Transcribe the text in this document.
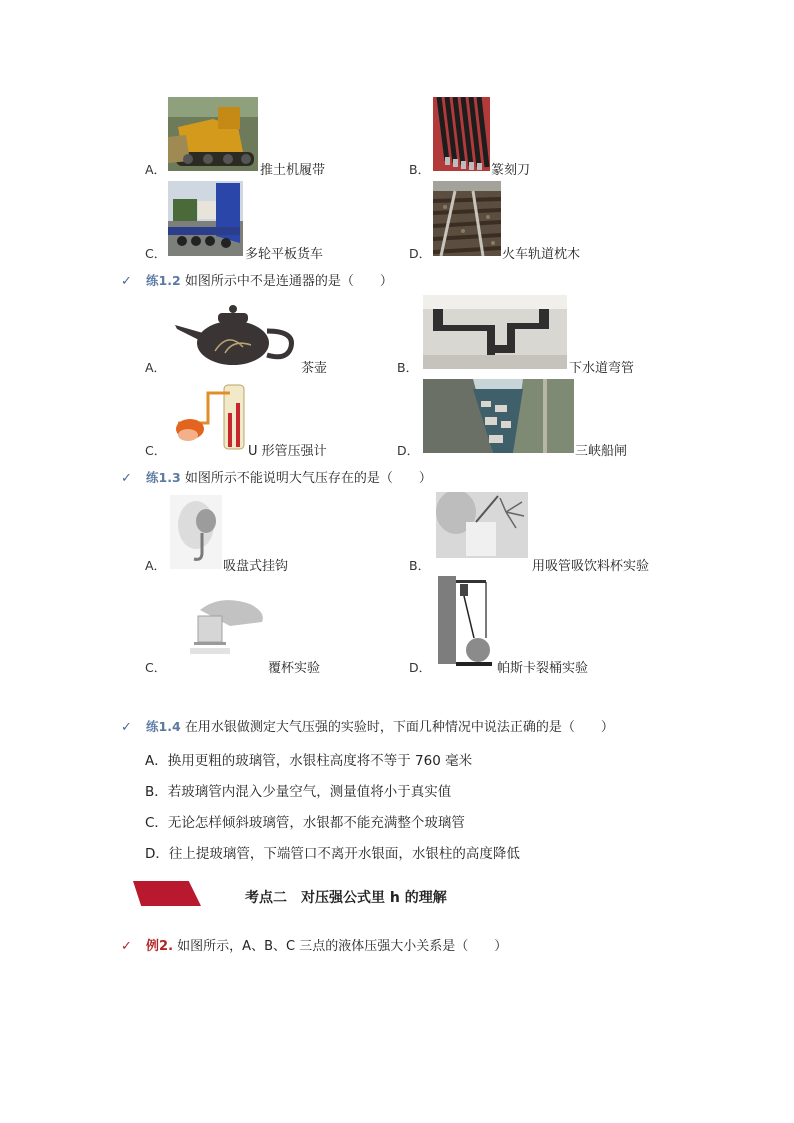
A．	推土机履带	B．	篆刻刀
C．	多轮平板货车	D．	火车轨道枕木
✓ 练1.2 如图所示中不是连通器的是（　　）
A．	茶壶	B．	下水道弯管
C．	U 形管压强计	D．	三峡船闸
✓ 练1.3 如图所示不能说明大气压存在的是（　　）
A．	吸盘式挂钩	B．	用吸管吸饮料杯实验
C．	覆杯实验	D．	帕斯卡裂桶实验
✓ 练1.4 在用水银做测定大气压强的实验时，下面几种情况中说法正确的是（　　）
A．换用更粗的玻璃管，水银柱高度将不等于 760 毫米
B．若玻璃管内混入少量空气，测量值将小于真实值
C．无论怎样倾斜玻璃管，水银都不能充满整个玻璃管
D．往上提玻璃管，下端管口不离开水银面，水银柱的高度降低
考点二　对压强公式里 h 的理解
✓ 例2. 如图所示，A、B、C 三点的液体压强大小关系是（　　）
